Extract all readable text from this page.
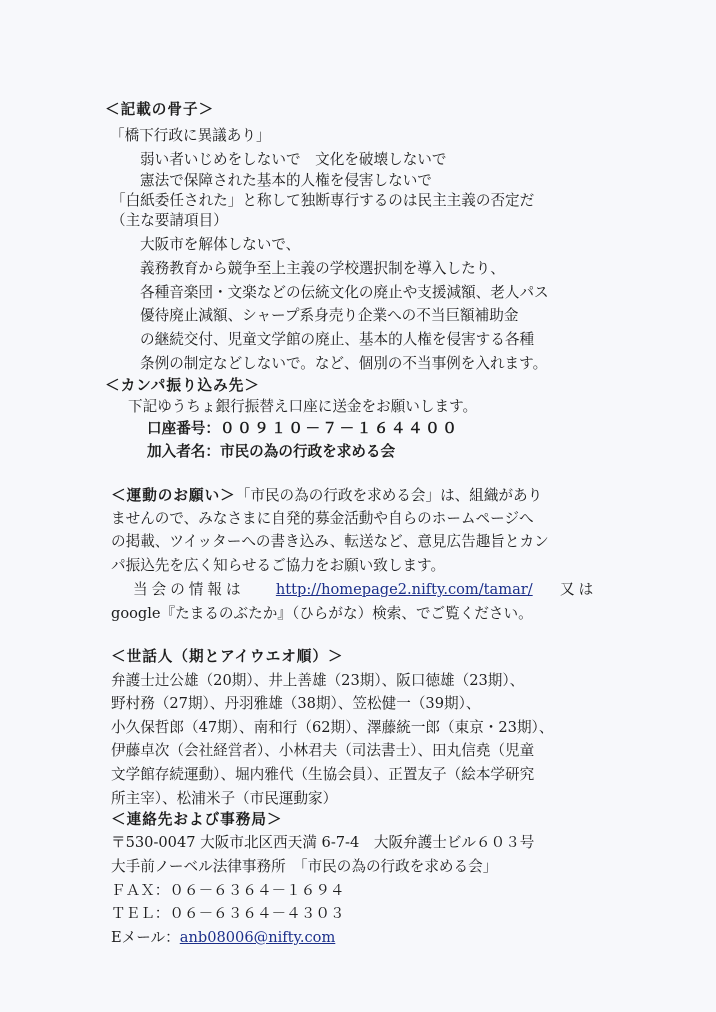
＜記載の骨子＞
「橋下行政に異議あり」
弱い者いじめをしないで　文化を破壊しないで
憲法で保障された基本的人権を侵害しないで
「白紙委任された」と称して独断専行するのは民主主義の否定だ
（主な要請項目）
大阪市を解体しないで、
義務教育から競争至上主義の学校選択制を導入したり、
各種音楽団・文楽などの伝統文化の廃止や支援減額、老人パス
優待廃止減額、シャープ系身売り企業への不当巨額補助金
の継続交付、児童文学館の廃止、基本的人権を侵害する各種
条例の制定などしないで。など、個別の不当事例を入れます。
＜カンパ振り込み先＞
下記ゆうちょ銀行振替え口座に送金をお願いします。
口座番号：００９１０－７－１６４４００
加入者名：市民の為の行政を求める会
＜運動のお願い＞「市民の為の行政を求める会」は、組織があり
ませんので、みなさまに自発的募金活動や自らのホームページへ
の掲載、ツイッターへの書き込み、転送など、意見広告趣旨とカン
パ振込先を広く知らせるご協力をお願い致します。
当会の情報は http://homepage2.nifty.com/tamar/ 又は
google『たまるのぶたか』（ひらがな）検索、でご覧ください。
＜世話人（期とアイウエオ順）＞
弁護士辻公雄（20期）、井上善雄（23期）、阪口徳雄（23期）、
野村務（27期）、丹羽雅雄（38期）、笠松健一（39期）、
小久保哲郎（47期）、南和行（62期）、澤藤統一郎（東京・23期）、
伊藤卓次（会社経営者）、小林君夫（司法書士）、田丸信堯（児童
文学館存続運動）、堀内雅代（生協会員）、正置友子（絵本学研究
所主宰）、松浦米子（市民運動家）
＜連絡先および事務局＞
〒530-0047 大阪市北区西天満 6-7-4　大阪弁護士ビル６０３号
大手前ノーベル法律事務所　「市民の為の行政を求める会」
ＦＡＸ：０６－６３６４－１６９４
ＴＥＬ：０６－６３６４－４３０３
Eメール：anb08006@nifty.com
